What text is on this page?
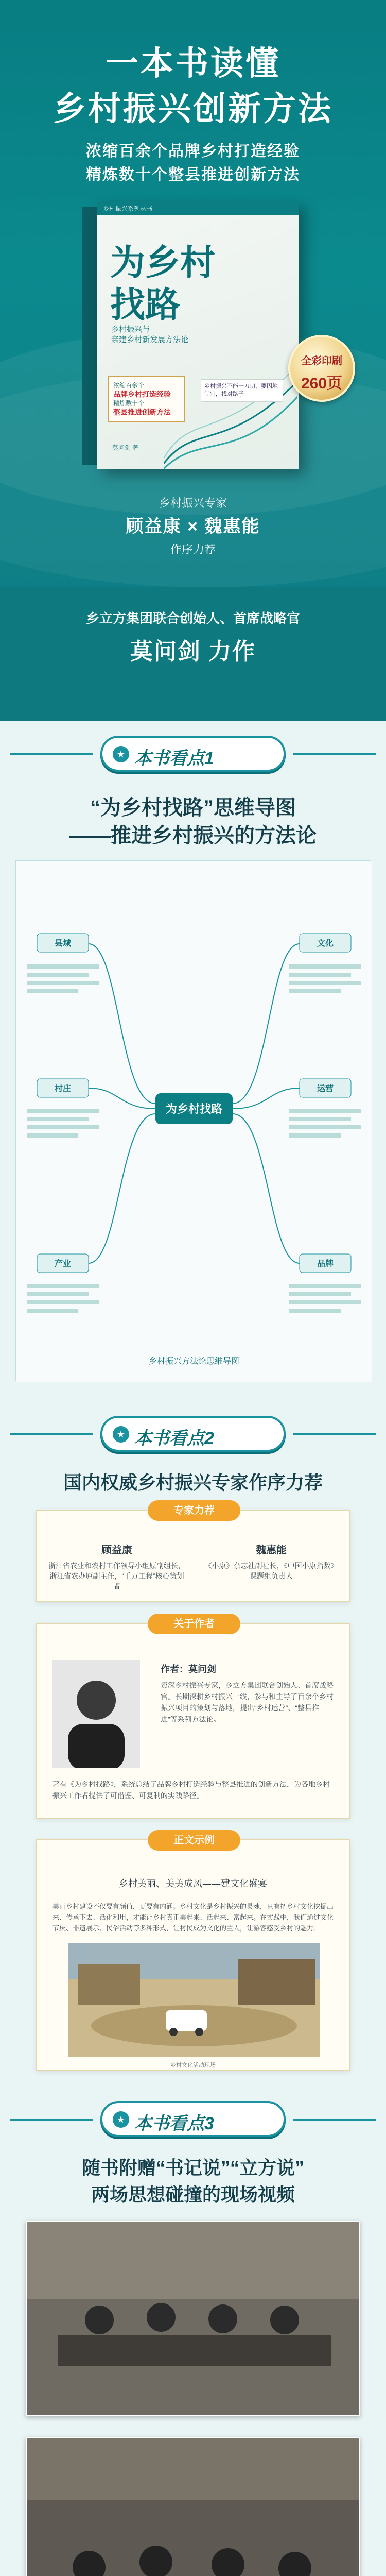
一本书读懂
乡村振兴创新方法
浓缩百余个品牌乡村打造经验
精炼数十个整县推进创新方法
乡村振兴系列丛书
为乡村
找路
乡村振兴与
亲建乡村新发展方法论
浓缩百余个
品牌乡村打造经验
精炼数十个
整县推进创新方法
乡村振兴不能一刀切，要因地制宜，找对路子
莫问剑 著
全彩印刷
260页
乡村振兴专家
顾益康 × 魏惠能
作序力荐
乡立方集团联合创始人、首席战略官
莫问剑 力作
★ 本书看点1
“为乡村找路”思维导图
——推进乡村振兴的方法论
为乡村找路
县域
村庄
产业
文化
运营
品牌
乡村振兴方法论思维导图
★ 本书看点2
国内权威乡村振兴专家作序力荐
专家力荐
顾益康
浙江省农业和农村工作领导小组原副组长，浙江省农办原副主任，“千万工程”核心策划者
魏惠能
《小康》杂志社副社长，《中国小康指数》课题组负责人
关于作者
作者：莫问剑
资深乡村振兴专家，乡立方集团联合创始人、首席战略官。长期深耕乡村振兴一线，参与和主导了百余个乡村振兴项目的策划与落地，提出“乡村运营”、“整县推进”等系列方法论。
著有《为乡村找路》，系统总结了品牌乡村打造经验与整县推进的创新方法，为各地乡村振兴工作者提供了可借鉴、可复制的实践路径。
正文示例
乡村美丽、美美成风——建文化盛宴
美丽乡村建设不仅要有颜值，更要有内涵。乡村文化是乡村振兴的灵魂，只有把乡村文化挖掘出来、传承下去、活化利用，才能让乡村真正美起来、活起来、富起来。在实践中，我们通过文化节庆、非遗展示、民俗活动等多种形式，让村民成为文化的主人，让游客感受乡村的魅力。
乡村文化活动现场
★ 本书看点3
随书附赠“书记说”“立方说”
两场思想碰撞的现场视频
